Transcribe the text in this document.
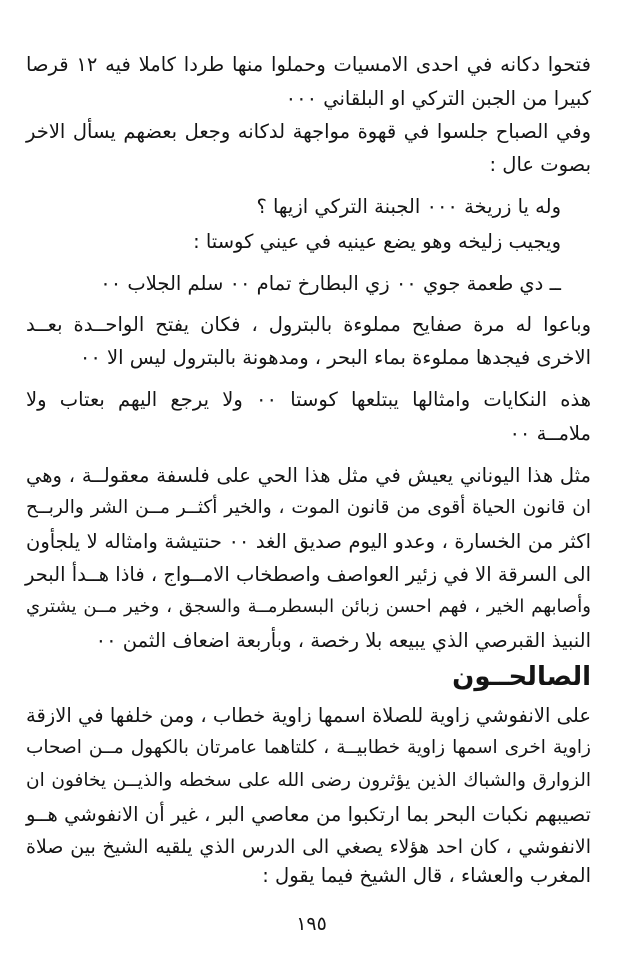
فتحوا دكانه في احدى الامسيات وحملوا منها طردا كاملا فيه ١٢ قرصا
كبيرا من الجبن التركي او البلقاني ٠٠٠
وفي الصباح جلسوا في قهوة مواجهة لدكانه وجعل بعضهم يسأل الاخر
بصوت عال :
وله يا زريخة ٠٠٠ الجبنة التركي ازيها ؟
ويجيب زليخه وهو يضع عينيه في عيني كوستا :
ــ دي طعمة جوي ٠٠ زي البطارخ تمام ٠٠ سلم الجلاب ٠٠
وباعوا له مرة صفايح مملوءة بالبترول ، فكان يفتح الواحــدة بعــد
الاخرى فيجدها مملوءة بماء البحر ، ومدهونة بالبترول ليس الا ٠٠
هذه النكايات وامثالها يبتلعها كوستا ٠٠ ولا يرجع اليهم بعتاب ولا
ملامــة ٠٠
مثل هذا اليوناني يعيش في مثل هذا الحي على فلسفة معقولــة ، وهي
ان قانون الحياة أقوى من قانون الموت ، والخير أكثــر مــن الشر والربــح
اكثر من الخسارة ، وعدو اليوم صديق الغد ٠٠ حنتيشة وامثاله لا يلجأون
الى السرقة الا في زئير العواصف واصطخاب الامــواج ، فاذا هــدأ البحر
وأصابهم الخير ، فهم احسن زبائن البسطرمــة والسجق ، وخير مــن يشتري
النبيذ القبرصي الذي يبيعه بلا رخصة ، وبأربعة اضعاف الثمن ٠٠
الصالحــون
على الانفوشي زاوية للصلاة اسمها زاوية خطاب ، ومن خلفها في الازقة
زاوية اخرى اسمها زاوية خطابيــة ، كلتاهما عامرتان بالكهول مــن اصحاب
الزوارق والشباك الذين يؤثرون رضى الله على سخطه والذيــن يخافون ان
تصيبهم نكبات البحر بما ارتكبوا من معاصي البر ، غير أن الانفوشي هــو
الانفوشي ، كان احد هؤلاء يصغي الى الدرس الذي يلقيه الشيخ بين صلاة
المغرب والعشاء ، قال الشيخ فيما يقول :
١٩٥
